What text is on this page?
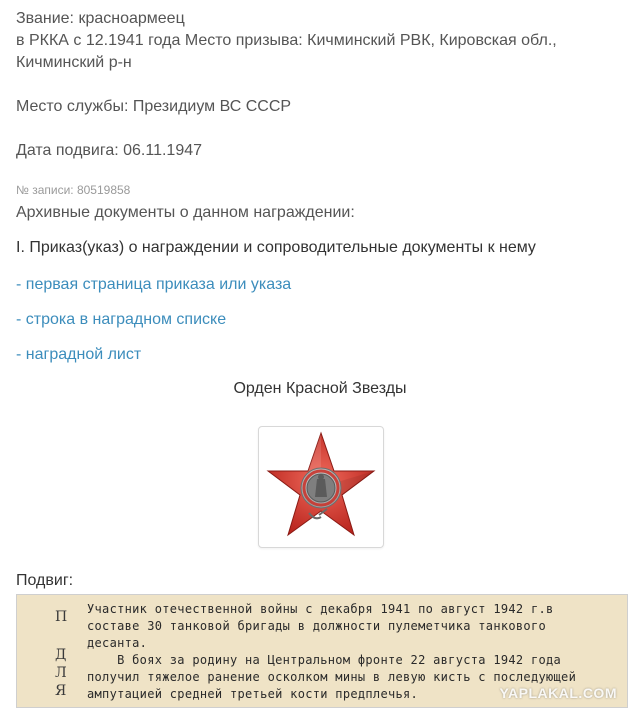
Звание: красноармеец

в РККА с 12.1941 года Место призыва: Кичминский РВК, Кировская обл.,

Кичминский р-н

Место службы: Президиум ВС СССР

Дата подвига: 06.11.1947

№ записи: 80519858
Архивные документы о данном награждении:
I. Приказ(указ) о награждении и сопроводительные документы к нему
- первая страница приказа или указа
- строка в наградном списке
- наградной лист
Орден Красной Звезды
Подвиг:
П
Д
Л
Я

Участник отечественной войны с декабря 1941 по август 1942 г.в

составе 30 танковой бригады в должности пулеметчика танкового

десанта.

В боях за родину на Центральном фронте 22 августа 1942 года

получил тяжелое ранение осколком мины в левую кисть с последующей

ампутацией средней третьей кости предплечья.	YAPLAKAL.COM
